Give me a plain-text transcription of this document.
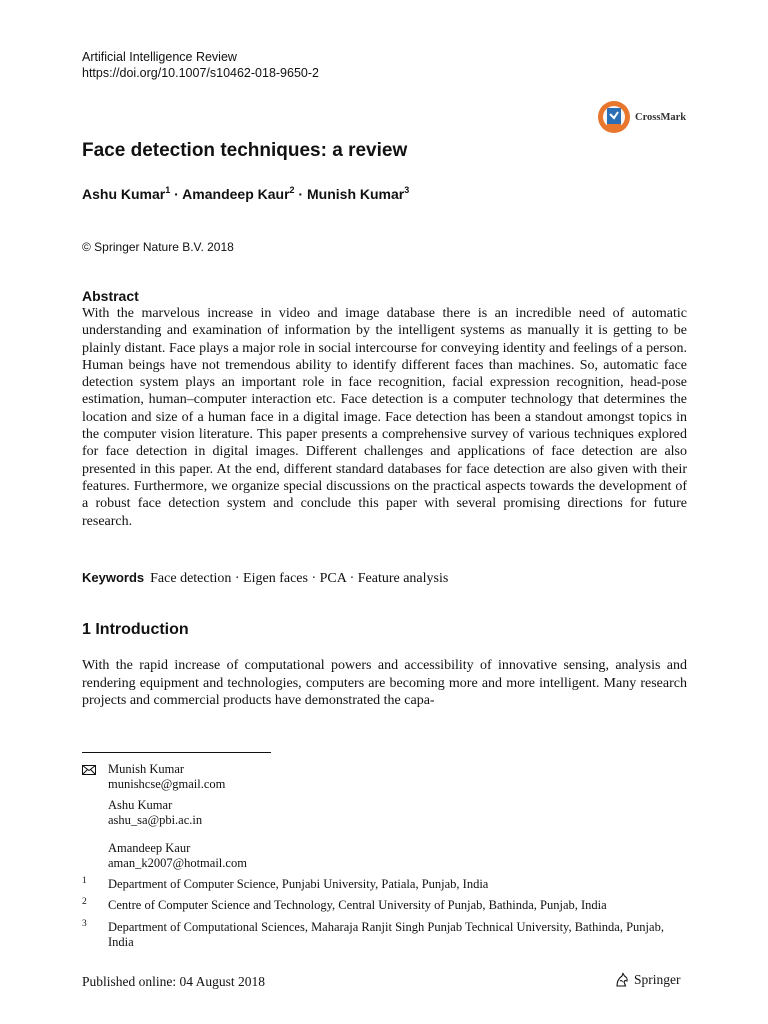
Artificial Intelligence Review
https://doi.org/10.1007/s10462-018-9650-2
CrossMark
Face detection techniques: a review
Ashu Kumar$^1$ · Amandeep Kaur$^2$ · Munish Kumar$^3$
© Springer Nature B.V. 2018
Abstract
With the marvelous increase in video and image database there is an incredible need of automatic understanding and examination of information by the intelligent systems as manually it is getting to be plainly distant. Face plays a major role in social intercourse for conveying identity and feelings of a person. Human beings have not tremendous ability to identify different faces than machines. So, automatic face detection system plays an important role in face recognition, facial expression recognition, head-pose estimation, human–computer interaction etc. Face detection is a computer technology that determines the location and size of a human face in a digital image. Face detection has been a standout amongst topics in the computer vision literature. This paper presents a comprehensive survey of various techniques explored for face detection in digital images. Different challenges and applications of face detection are also presented in this paper. At the end, different standard databases for face detection are also given with their features. Furthermore, we organize special discussions on the practical aspects towards the development of a robust face detection system and conclude this paper with several promising directions for future research.
Keywords Face detection · Eigen faces · PCA · Feature analysis
1 Introduction
With the rapid increase of computational powers and accessibility of innovative sensing, analysis and rendering equipment and technologies, computers are becoming more and more intelligent. Many research projects and commercial products have demonstrated the capa-
Munish Kumar
munishcse@gmail.com
Ashu Kumar
ashu_sa@pbi.ac.in
Amandeep Kaur
aman_k2007@hotmail.com
1 Department of Computer Science, Punjabi University, Patiala, Punjab, India
2 Centre of Computer Science and Technology, Central University of Punjab, Bathinda, Punjab, India
3 Department of Computational Sciences, Maharaja Ranjit Singh Punjab Technical University, Bathinda, Punjab, India
Published online: 04 August 2018	Springer
